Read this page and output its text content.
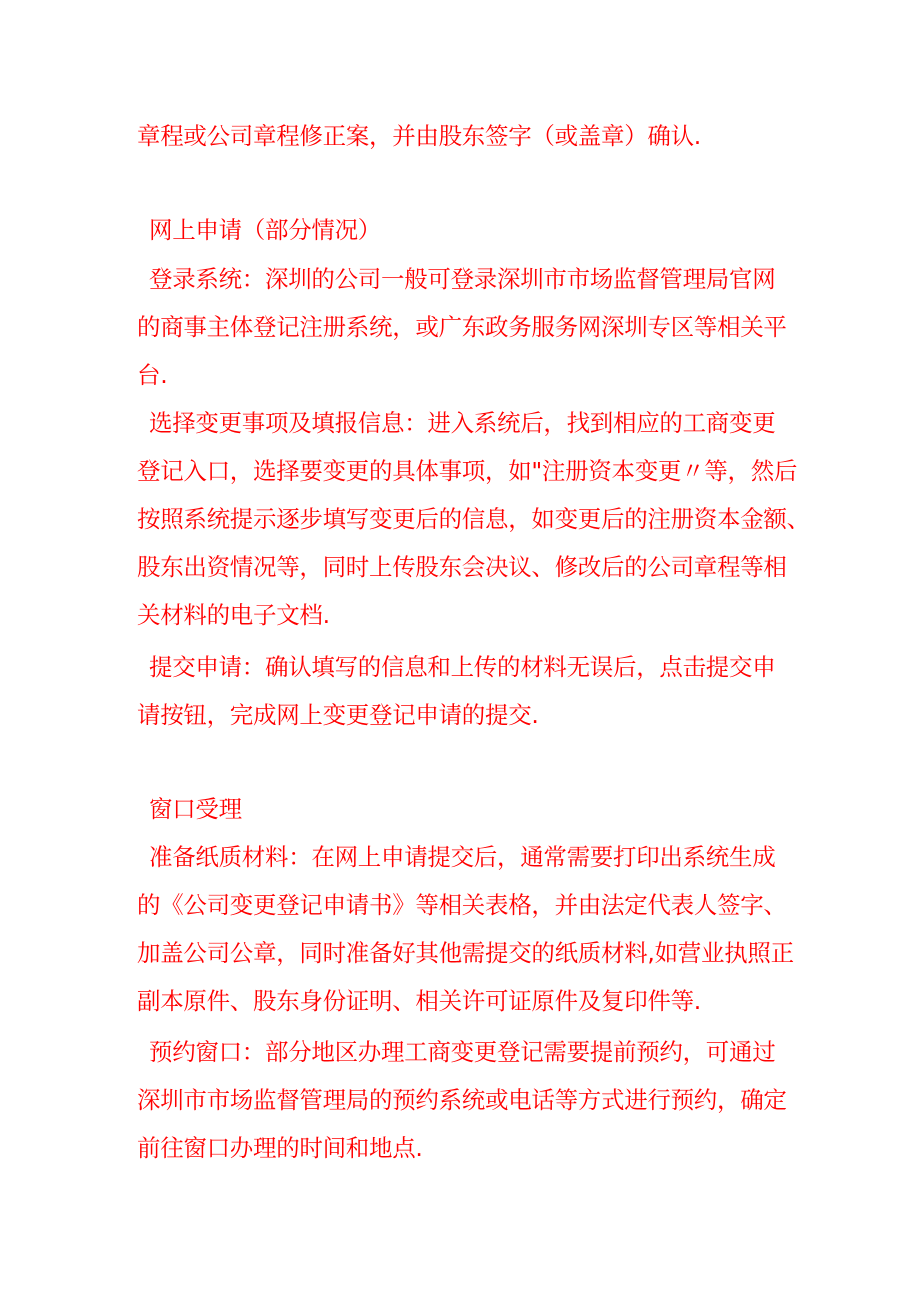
章程或公司章程修正案，并由股东签字（或盖章）确认.

网上申请（部分情况）

登录系统：深圳的公司一般可登录深圳市市场监督管理局官网

的商事主体登记注册系统，或广东政务服务网深圳专区等相关平

台.

选择变更事项及填报信息：进入系统后，找到相应的工商变更

登记入口，选择要变更的具体事项，如"注册资本变更〃等，然后

按照系统提示逐步填写变更后的信息，如变更后的注册资本金额、

股东出资情况等，同时上传股东会决议、修改后的公司章程等相

关材料的电子文档.

提交申请：确认填写的信息和上传的材料无误后，点击提交申

请按钮，完成网上变更登记申请的提交.

窗口受理

准备纸质材料：在网上申请提交后，通常需要打印出系统生成

的《公司变更登记申请书》等相关表格，并由法定代表人签字、

加盖公司公章，同时准备好其他需提交的纸质材料,如营业执照正

副本原件、股东身份证明、相关许可证原件及复印件等.

预约窗口：部分地区办理工商变更登记需要提前预约，可通过

深圳市市场监督管理局的预约系统或电话等方式进行预约，确定

前往窗口办理的时间和地点.
